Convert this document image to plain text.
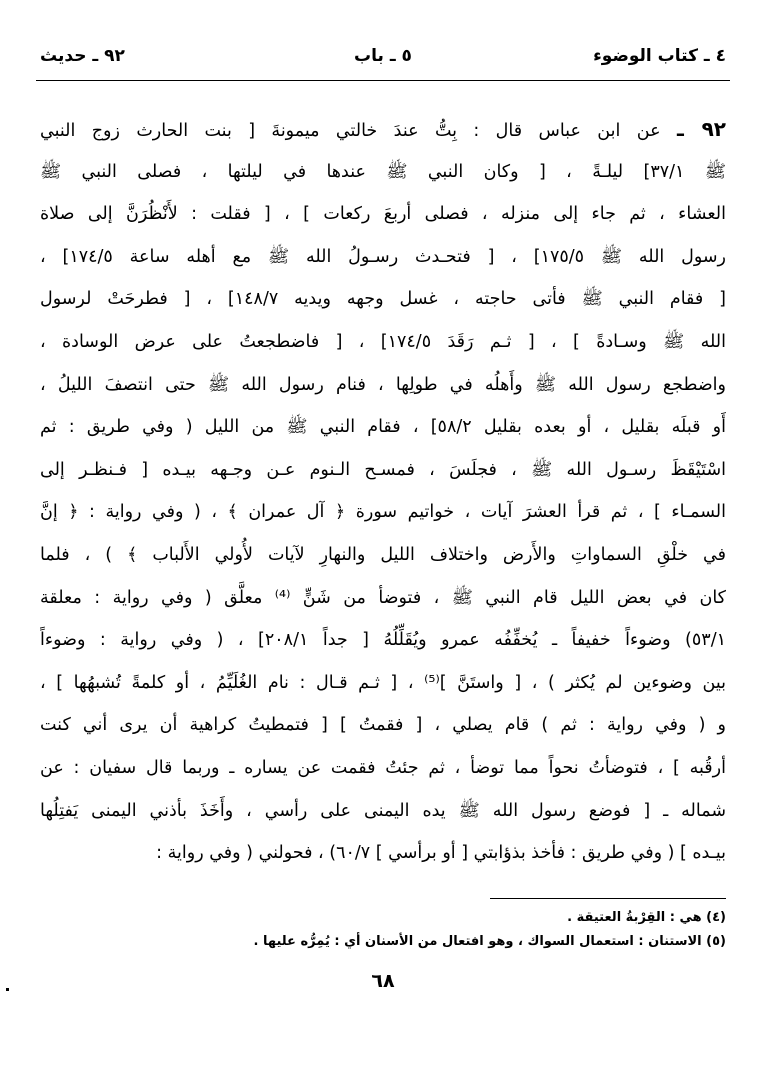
٤ ـ كتاب الوضوء
٥ ـ باب
٩٢ ـ حديث
٩٢ ـ عن ابن عباس قال : بِتُّ عندَ خالتي ميمونةَ [ بنت الحارث زوج النبي
ﷺ ٣٧/١] ليلـةً ، [ وكان النبي ﷺ عندها في ليلتها ، فصلى النبي ﷺ
العشاء ، ثم جاء إلى منزله ، فصلى أربعَ ركعات ] ، [ فقلت : لأَنْظُرَنَّ إلى صلاة
رسول الله ﷺ ١٧٥/٥] ، [ فتحـدث رسـولُ الله ﷺ مع أهله ساعة ١٧٤/٥] ،
[ فقام النبي ﷺ فأتى حاجته ، غسل وجهه ويديه ١٤٨/٧] ، [ فطرحَتْ لرسول
الله ﷺ وسـادةً ] ، [ ثـم رَقَدَ ١٧٤/٥] ، [ فاضطجعتُ على عرض الوسادة ،
واضطجع رسول الله ﷺ وأَهلُه في طولِها ، فنام رسول الله ﷺ حتى انتصفَ الليلُ ،
أَو قبلَه بقليل ، أو بعده بقليل ٥٨/٢] ، فقام النبي ﷺ من الليل ( وفي طريق : ثم
اسْتَيْقَظَ رسـول الله ﷺ ، فجلَسَ ، فمسـح الـنوم عـن وجـهه بيـده [ فـنظـر إلى
السمـاء ] ، ثم قرأ العشرَ آيات ، خواتيم سورة ﴿ آل عمران ﴾ ، ( وفي رواية : ﴿ إنَّ
في خلْقِ السماواتِ والأَرض واختلاف الليل والنهارِ لآيات لأُولي الأَلباب ﴾ ) ، فلما
كان في بعض الليل قام النبي ﷺ ، فتوضأ من شَنٍّ ⁽⁴⁾ معلَّق ( وفي رواية : معلقة
٥٣/١) وضوءاً خفيفاً ـ يُخفِّفُه عمرو ويُقَلِّلُهُ [ جداً ٢٠٨/١] ، ( وفي رواية : وضوءاً
بين وضوءين لم يُكثر ) ، [ واستَنَّ ]⁽⁵⁾ ، [ ثـم قـال : نام الغُلَيِّمُ ، أو كلمةً تُشبهُها ] ،
و ( وفي رواية : ثم ) قام يصلي ، [ فقمتُ ] [ فتمطيتُ كراهية أن يرى أني كنت
أرقُبه ] ، فتوضأتُ نحواً مما توضأ ، ثم جئتُ فقمت عن يساره ـ وربما قال سفيان : عن
شماله ـ [ فوضع رسول الله ﷺ يده اليمنى على رأسي ، وأَخَذَ بأذني اليمنى يَفتِلُها
بيـده ] ( وفي طريق : فأخذ بذؤابتي [ أو برأسي ] ٦٠/٧) ، فحولني ( وفي رواية :
(٤) هي : القِرْبةُ العتيقة .
(٥) الاستنان : استعمال السواك ، وهو افتعال من الأسنان أي : يُمِرُّه عليها .
٦٨
